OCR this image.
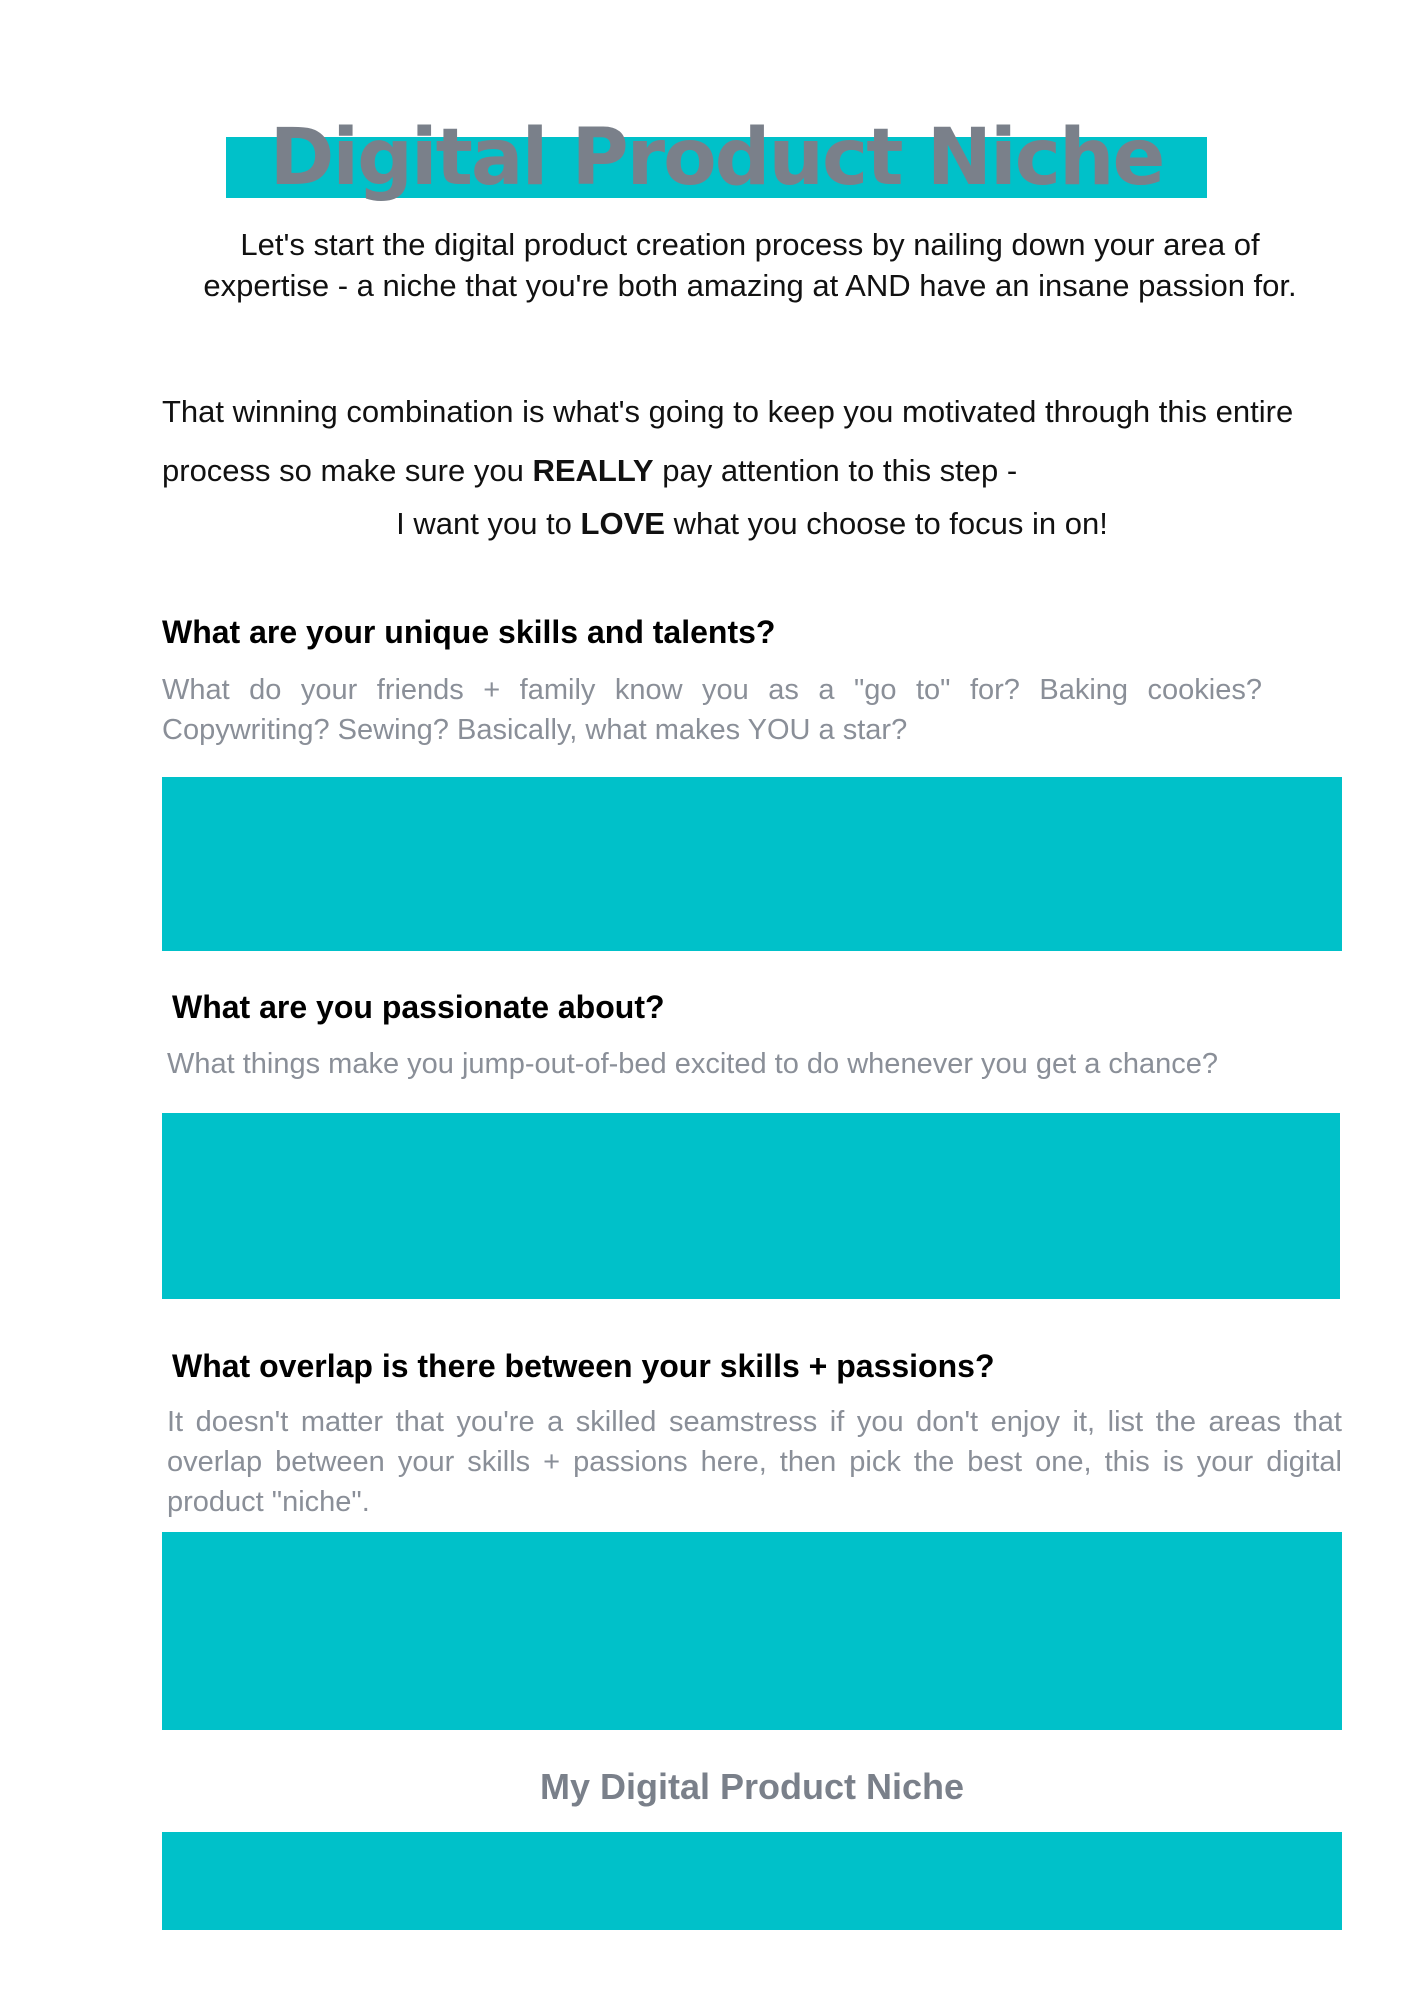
Digital Product Niche

Let's start the digital product creation process by nailing down your area of expertise - a niche that you're both amazing at AND have an insane passion for.

That winning combination is what's going to keep you motivated through this entire process so make sure you REALLY pay attention to this step -

I want you to LOVE what you choose to focus in on!

What are your unique skills and talents?

What do your friends + family know you as a "go to" for? Baking cookies? Copywriting? Sewing? Basically, what makes YOU a star?

What are you passionate about?

What things make you jump-out-of-bed excited to do whenever you get a chance?

What overlap is there between your skills + passions?

It doesn't matter that you're a skilled seamstress if you don't enjoy it, list the areas that overlap between your skills + passions here, then pick the best one, this is your digital product "niche".

My Digital Product Niche
